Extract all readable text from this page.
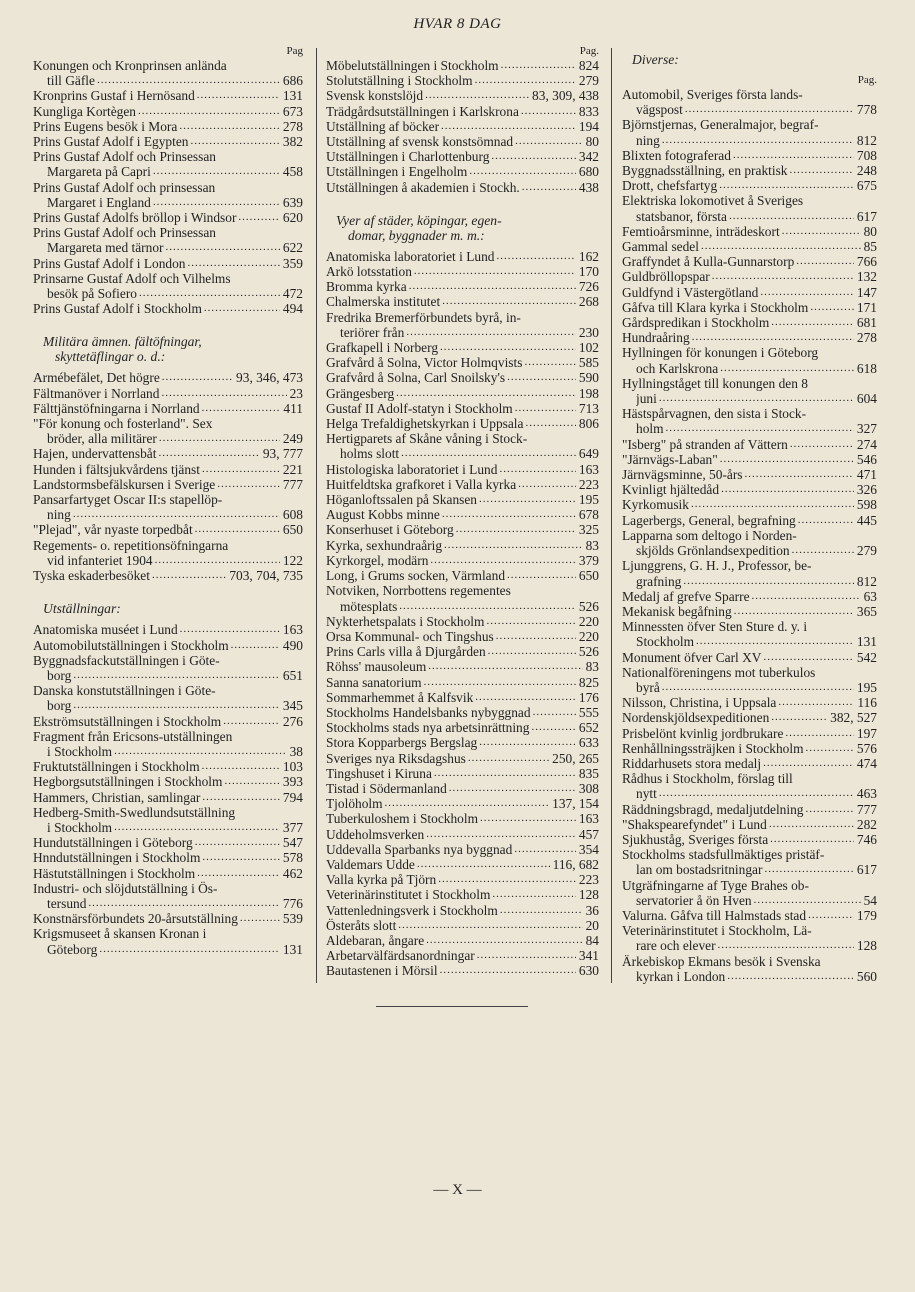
HVAR 8 DAG
Pag
Konungen och Kronprinsen anlända
till Gäfle .....	686
Kronprins Gustaf i Hernösand .....	131
Kungliga Kortègen .....	673
Prins Eugens besök i Mora .....	278
Prins Gustaf Adolf i Egypten .....	382
Prins Gustaf Adolf och Prinsessan
Margareta på Capri .....	458
Prins Gustaf Adolf och prinsessan
Margaret i England .....	639
Prins Gustaf Adolfs bröllop i Windsor .....	620
Prins Gustaf Adolf och Prinsessan
Margareta med tärnor .....	622
Prins Gustaf Adolf i London .....	359
Prinsarne Gustaf Adolf och Vilhelms
besök på Sofiero .....	472
Prins Gustaf Adolf i Stockholm .....	494
Militära ämnen. fältöfningar,

skyttetäflingar o. d.:
Armébefälet, Det högre .....	93, 346, 473
Fältmanöver i Norrland .....	23
Fälttjänstöfningarna i Norrland .....	411
"För konung och fosterland". Sex
bröder, alla militärer .....	249
Hajen, undervattensbåt .....	93, 777
Hunden i fältsjukvårdens tjänst .....	221
Landstormsbefälskursen i Sverige .....	777
Pansarfartyget Oscar II:s stapellöp-
ning .....	608
"Plejad", vår nyaste torpedbåt .....	650
Regements- o. repetitionsöfningarna
vid infanteriet 1904 .....	122
Tyska eskaderbesöket .....	703, 704, 735
Utställningar:
Anatomiska muséet i Lund .....	163
Automobilutställningen i Stockholm .....	490
Byggnadsfackutställningen i Göte-
borg .....	651
Danska konstutställningen i Göte-
borg .....	345
Ekströmsutställningen i Stockholm .....	276
Fragment från Ericsons-utställningen
i Stockholm .....	38
Fruktutställningen i Stockholm .....	103
Hegborgsutställningen i Stockholm .....	393
Hammers, Christian, samlingar .....	794
Hedberg-Smith-Swedlundsutställning
i Stockholm .....	377
Hundutställningen i Göteborg .....	547
Hnndutställningen i Stockholm .....	578
Hästutställningen i Stockholm .....	462
Industri- och slöjdutställning i Ös-
tersund .....	776
Konstnärsförbundets 20-årsutställning .....	539
Krigsmuseet å skansen Kronan i
Göteborg .....	131
Pag.
Möbelutställningen i Stockholm .....	824
Stolutställning i Stockholm .....	279
Svensk konstslöjd .....	83, 309, 438
Trädgårdsutställningen i Karlskrona .....	833
Utställning af böcker .....	194
Utställning af svensk konstsömnad .....	80
Utställningen i Charlottenburg .....	342
Utställningen i Engelholm .....	680
Utställningen å akademien i Stockh. .....	438
Vyer af städer, köpingar, egen-

domar, byggnader m. m.:
Anatomiska laboratoriet i Lund .....	162
Arkö lotsstation .....	170
Bromma kyrka .....	726
Chalmerska institutet .....	268
Fredrika Bremerförbundets byrå, in-
teriörer från .....	230
Grafkapell i Norberg .....	102
Grafvård å Solna, Victor Holmqvists .....	585
Grafvård å Solna, Carl Snoilsky's .....	590
Grängesberg .....	198
Gustaf II Adolf-statyn i Stockholm .....	713
Helga Trefaldighetskyrkan i Uppsala .....	806
Hertigparets af Skåne våning i Stock-
holms slott .....	649
Histologiska laboratoriet i Lund .....	163
Huitfeldtska grafkoret i Valla kyrka .....	223
Höganloftssalen på Skansen .....	195
August Kobbs minne .....	678
Konserhuset i Göteborg .....	325
Kyrka, sexhundraårig .....	83
Kyrkorgel, modärn .....	379
Long, i Grums socken, Värmland .....	650
Notviken, Norrbottens regementes
mötesplats .....	526
Nykterhetspalats i Stockholm .....	220
Orsa Kommunal- och Tingshus .....	220
Prins Carls villa å Djurgården .....	526
Röhss' mausoleum .....	83
Sanna sanatorium .....	825
Sommarhemmet å Kalfsvik .....	176
Stockholms Handelsbanks nybyggnad .....	555
Stockholms stads nya arbetsinrättning .....	652
Stora Kopparbergs Bergslag .....	633
Sveriges nya Riksdagshus .....	250, 265
Tingshuset i Kiruna .....	835
Tistad i Södermanland .....	308
Tjolöholm .....	137, 154
Tuberkuloshem i Stockholm .....	163
Uddeholmsverken .....	457
Uddevalla Sparbanks nya byggnad .....	354
Valdemars Udde .....	116, 682
Valla kyrka på Tjörn .....	223
Veterinärinstitutet i Stockholm .....	128
Vattenledningsverk i Stockholm .....	36
Österåts slott .....	20
Aldebaran, ångare .....	84
Arbetarvälfärdsanordningar .....	341
Bautastenen i Mörsil .....	630
Diverse:
Pag.
Automobil, Sveriges första lands-
vägspost .....	778
Björnstjernas, Generalmajor, begraf-
ning .....	812
Blixten fotograferad .....	708
Byggnadsställning, en praktisk .....	248
Drott, chefsfartyg .....	675
Elektriska lokomotivet å Sveriges
statsbanor, första .....	617
Femtioårsminne, inträdeskort .....	80
Gammal sedel .....	85
Graffyndet å Kulla-Gunnarstorp .....	766
Guldbröllopspar .....	132
Guldfynd i Västergötland .....	147
Gåfva till Klara kyrka i Stockholm .....	171
Gårdspredikan i Stockholm .....	681
Hundraåring .....	278
Hyllningen för konungen i Göteborg
och Karlskrona .....	618
Hyllningståget till konungen den 8
juni .....	604
Hästspårvagnen, den sista i Stock-
holm .....	327
"Isberg" på stranden af Vättern .....	274
"Järnvägs-Laban" .....	546
Järnvägsminne, 50-års .....	471
Kvinligt hjältedåd .....	326
Kyrkomusik .....	598
Lagerbergs, General, begrafning .....	445
Lapparna som deltogo i Norden-
skjölds Grönlandsexpedition .....	279
Ljunggrens, G. H. J., Professor, be-
grafning .....	812
Medalj af grefve Sparre .....	63
Mekanisk begåfning .....	365
Minnessten öfver Sten Sture d. y. i
Stockholm .....	131
Monument öfver Carl XV .....	542
Nationalföreningens mot tuberkulos
byrå .....	195
Nilsson, Christina, i Uppsala .....	116
Nordenskjöldsexpeditionen .....	382, 527
Prisbelönt kvinlig jordbrukare .....	197
Renhållningssträjken i Stockholm .....	576
Riddarhusets stora medalj .....	474
Rådhus i Stockholm, förslag till
nytt .....	463
Räddningsbragd, medaljutdelning .....	777
"Shakspearefyndet" i Lund .....	282
Sjukhuståg, Sveriges första .....	746
Stockholms stadsfullmäktiges pristäf-
lan om bostadsritningar .....	617
Utgräfningarne af Tyge Brahes ob-
servatorier å ön Hven .....	54
Valurna. Gåfva till Halmstads stad .....	179
Veterinärinstitutet i Stockholm, Lä-
rare och elever .....	128
Ärkebiskop Ekmans besök i Svenska
kyrkan i London .....	560
— X —
